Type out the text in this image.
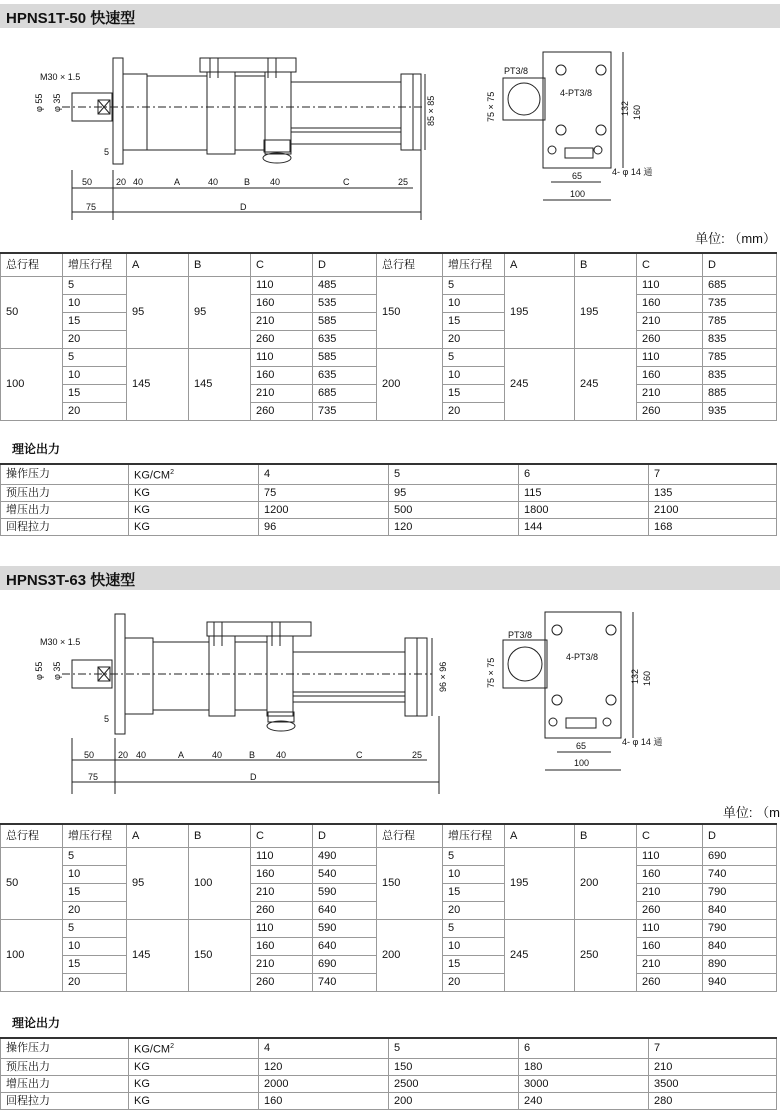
HPNS1T-50 快速型
M30 × 1.5
φ 55 φ 35
5
50	20 40	A	40	B 40	C	25
75	D
85 × 85
PT3/8
4-PT3/8
75 × 75	132 160
65
100
4- φ 14 通
单位: （mm）
总行程	增压行程	A	B	C	D	总行程	增压行程	A	B	C	D
50	5	95	95	110	485	150	5	195	195	110	685
	10			160	535		10			160	735
	15			210	585		15			210	785
	20			260	635		20			260	835
100	5	145	145	110	585	200	5	245	245	110	785
	10			160	635		10			160	835
	15			210	685		15			210	885
	20			260	735		20			260	935
理论出力
操作压力	$KG/CM^2$	4	5	6	7
预压出力	KG	75	95	115	135
增压出力	KG	1200	500	1800	2100
回程拉力	KG	96	120	144	168
HPNS3T-63 快速型
M30 × 1.5
φ 55 φ 35
5
50	20 40	A	40	B 40	C	25
75	D
96 × 96
PT3/8
4-PT3/8
75 × 75	132 160
65
100
4- φ 14 通
单位: （m
总行程	增压行程	A	B	C	D	总行程	增压行程	A	B	C	D
50	5	95	100	110	490	150	5	195	200	110	690
	10			160	540		10			160	740
	15			210	590		15			210	790
	20			260	640		20			260	840
100	5	145	150	110	590	200	5	245	250	110	790
	10			160	640		10			160	840
	15			210	690		15			210	890
	20			260	740		20			260	940
理论出力
操作压力	$KG/CM^2$	4	5	6	7
预压出力	KG	120	150	180	210
增压出力	KG	2000	2500	3000	3500
回程拉力	KG	160	200	240	280
